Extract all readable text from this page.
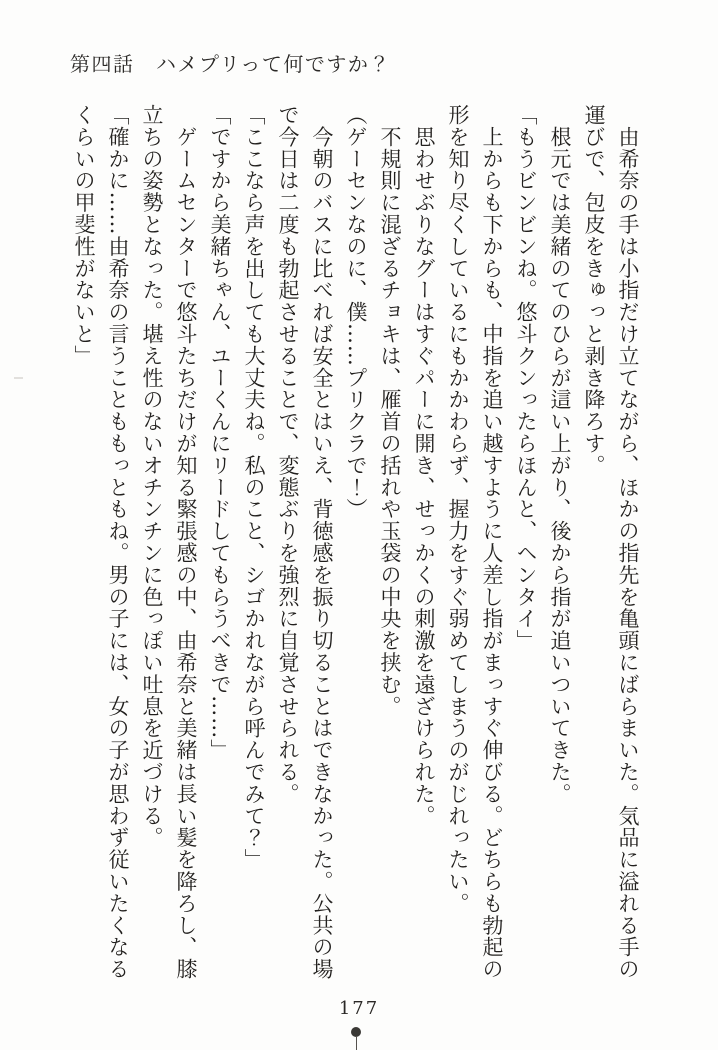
第四話　ハメプリって何ですか？

　由希奈の手は小指だけ立てながら、ほかの指先を亀頭にばらまいた。気品に溢れる手の

運びで、包皮をきゅっと剥き降ろす。

　根元では美緒のてのひらが這い上がり、後から指が追いついてきた。

「もうビンビンね。悠斗クンったらほんと、ヘンタイ」

　上からも下からも、中指を追い越すように人差し指がまっすぐ伸びる。どちらも勃起の

形を知り尽くしているにもかかわらず、握力をすぐ弱めてしまうのがじれったい。

　思わせぶりなグーはすぐパーに開き、せっかくの刺激を遠ざけられた。

　不規則に混ざるチョキは、雁首の括れや玉袋の中央を挟む。

（ゲーセンなのに、僕……プリクラで！）

　今朝のバスに比べれば安全とはいえ、背徳感を振り切ることはできなかった。公共の場

で今日は二度も勃起させることで、変態ぶりを強烈に自覚させられる。

「ここなら声を出しても大丈夫ね。私のこと、シゴかれながら呼んでみて？」

「ですから美緒ちゃん、ユーくんにリードしてもらうべきで……」

　ゲームセンターで悠斗たちだけが知る緊張感の中、由希奈と美緒は長い髪を降ろし、膝

立ちの姿勢となった。堪え性のないオチンチンに色っぽい吐息を近づける。

「確かに……由希奈の言うことももっともね。男の子には、女の子が思わず従いたくなる

くらいの甲斐性がないと」

177
